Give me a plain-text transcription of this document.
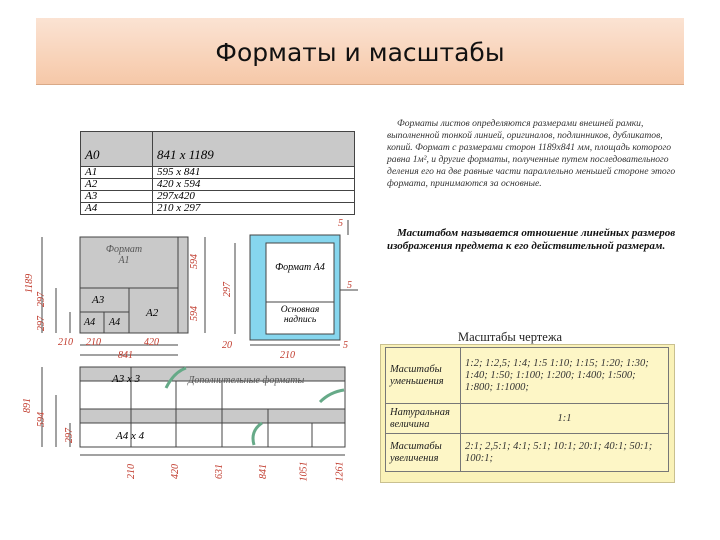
Форматы и масштабы
А0	841 x 1189
А1	595 x 841
А2	420 x 594
А3	297x420
А4	210 x 297

Форматы листов определяются размерами внешней рамки, выполненной тонкой линией, оригиналов, подлинников, дубликатов, копий. Формат с размерами сторон 1189x841 мм, площадь которого равна 1м², и другие форматы, полученные путем последовательного деления его на две равные части параллельно меньшей стороне этого формата, принимаются за основные.

Масштабом называется отношение линейных размеров изображения предмета к его действительной размерам.

Формат А1
А3
А4 А4
А2
Формат А4
Основная надпись
Дополнительные форматы
А3 x 3
А4 x 4
1189
594
594
297
297
297
210 210	420
841
5
5
5
20
210
891
594
297
210	420	631	841	1051	1261
Масштабы чертежа
Масштабы уменьшения	1:2; 1:2,5; 1:4; 1:5 1:10; 1:15; 1:20; 1:30; 1:40; 1:50; 1:100; 1:200; 1:400; 1:500; 1:800; 1:1000;
Натуральная величина	1:1
Масштабы увеличения	2:1; 2,5:1; 4:1; 5:1; 10:1; 20:1; 40:1; 50:1; 100:1;
